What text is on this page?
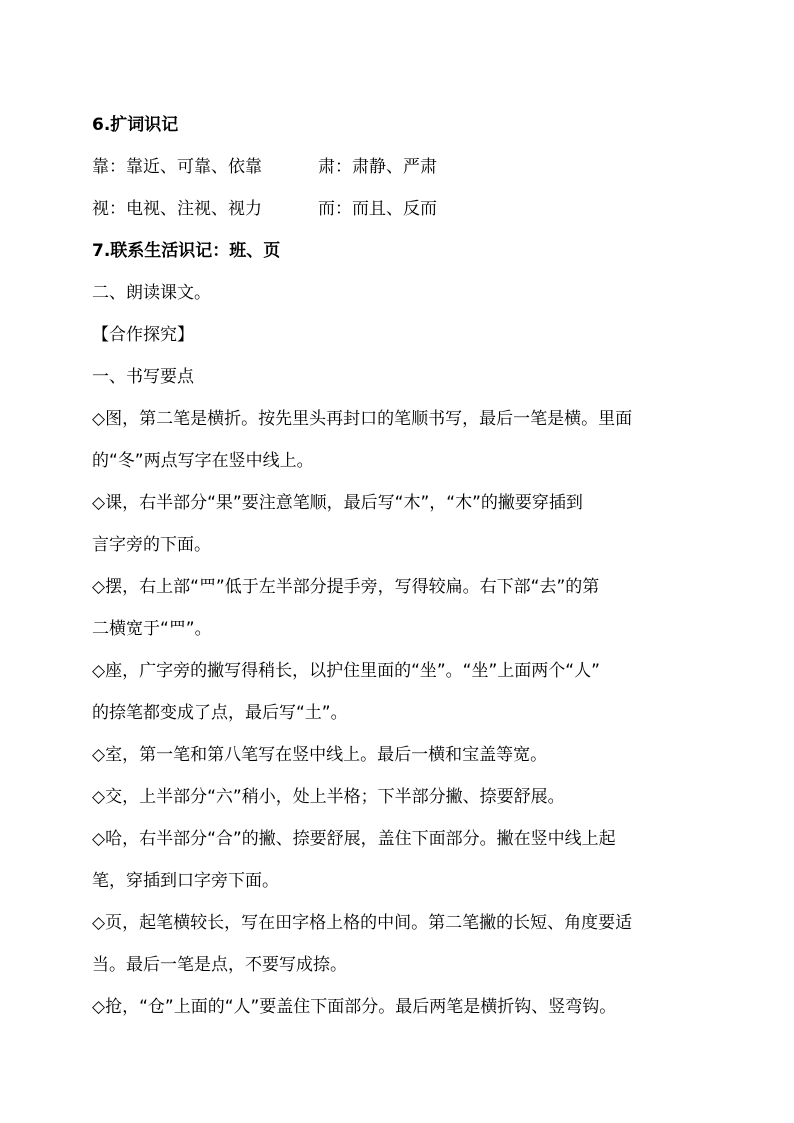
6.扩词识记
靠：靠近、可靠、依靠	肃：肃静、严肃
视：电视、注视、视力	而：而且、反而
7.联系生活识记：班、页
二、朗读课文。
【合作探究】
一、书写要点
◇图，第二笔是横折。按先里头再封口的笔顺书写，最后一笔是横。里面
的“冬”两点写字在竖中线上。
◇课，右半部分“果”要注意笔顺，最后写“木”，“木”的撇要穿插到
言字旁的下面。
◇摆，右上部“罒”低于左半部分提手旁，写得较扁。右下部“去”的第
二横宽于“罒”。
◇座，广字旁的撇写得稍长，以护住里面的“坐”。“坐”上面两个“人”
的捺笔都变成了点，最后写“土”。
◇室，第一笔和第八笔写在竖中线上。最后一横和宝盖等宽。
◇交，上半部分“六”稍小，处上半格；下半部分撇、捺要舒展。
◇哈，右半部分“合”的撇、捺要舒展，盖住下面部分。撇在竖中线上起
笔，穿插到口字旁下面。
◇页，起笔横较长，写在田字格上格的中间。第二笔撇的长短、角度要适
当。最后一笔是点，不要写成捺。
◇抢，“仓”上面的“人”要盖住下面部分。最后两笔是横折钩、竖弯钩。
